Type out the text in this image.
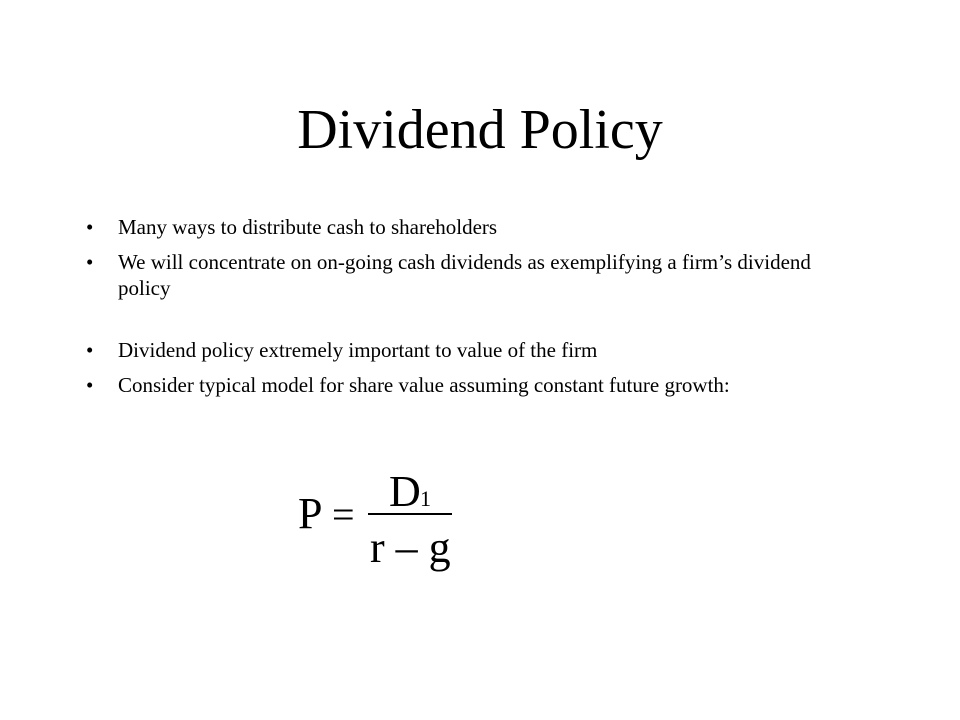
Dividend Policy
•	Many ways to distribute cash to shareholders
•	We will concentrate on on-going cash dividends as exemplifying a firm’s dividend policy
•	Dividend policy extremely important to value of the firm
•	Consider typical model for share value assuming constant future growth:
P = D 1
r – g
